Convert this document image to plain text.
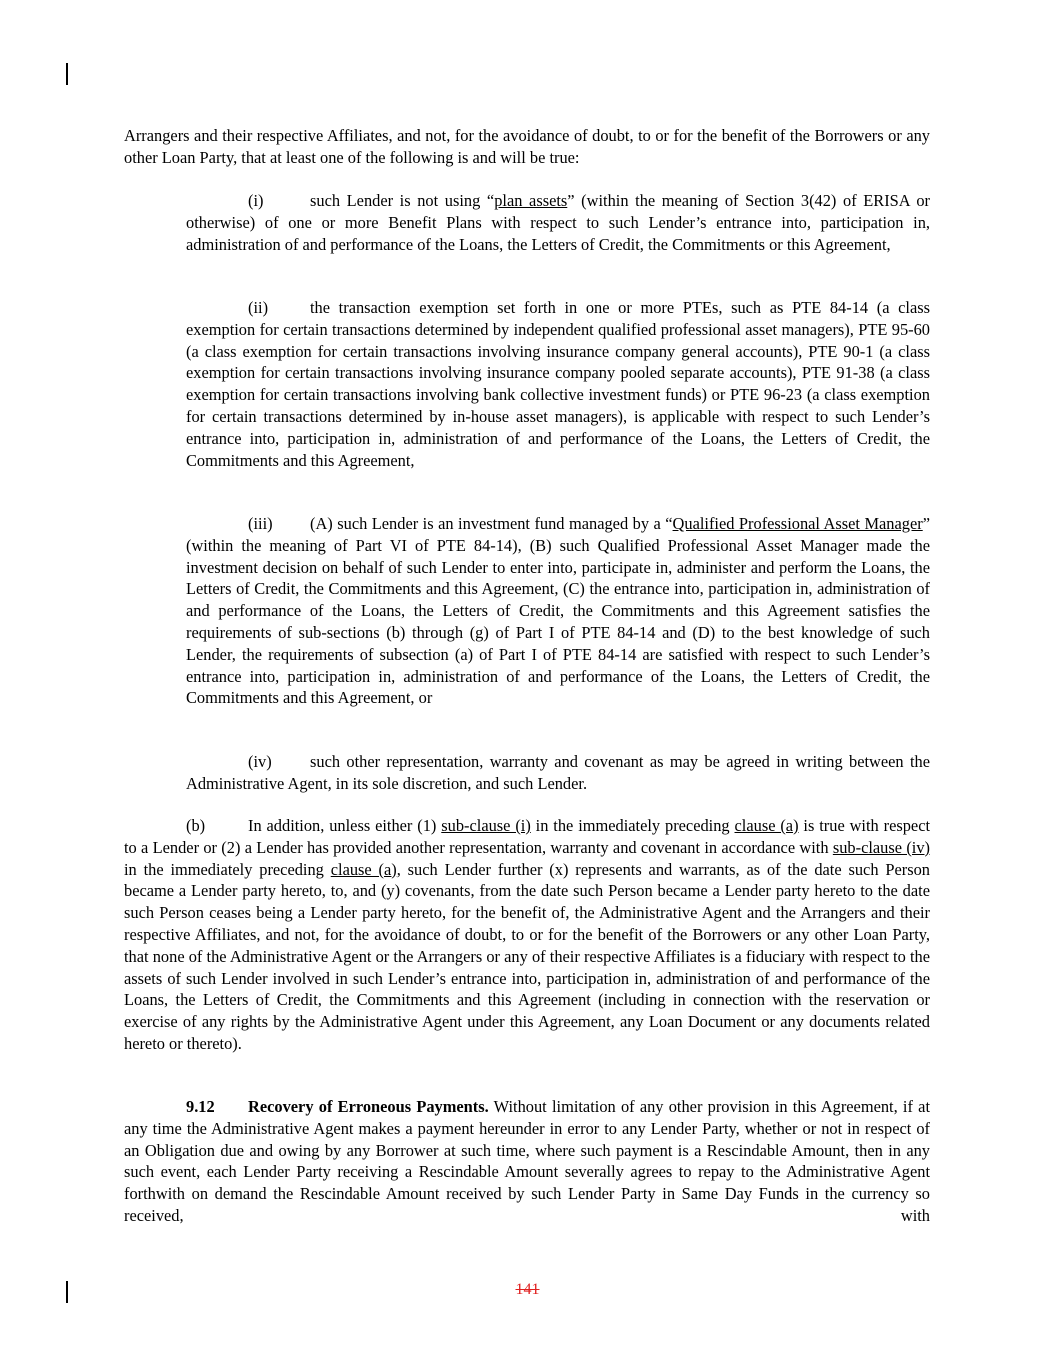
Arrangers and their respective Affiliates, and not, for the avoidance of doubt, to or for the benefit of the Borrowers or any other Loan Party, that at least one of the following is and will be true:

(i)	such Lender is not using “plan assets” (within the meaning of Section 3(42) of ERISA or otherwise) of one or more Benefit Plans with respect to such Lender’s entrance into, participation in, administration of and performance of the Loans, the Letters of Credit, the Commitments or this Agreement,

(ii)	the transaction exemption set forth in one or more PTEs, such as PTE 84-14 (a class exemption for certain transactions determined by independent qualified professional asset managers), PTE 95-60 (a class exemption for certain transactions involving insurance company general accounts), PTE 90-1 (a class exemption for certain transactions involving insurance company pooled separate accounts), PTE 91-38 (a class exemption for certain transactions involving bank collective investment funds) or PTE 96-23 (a class exemption for certain transactions determined by in-house asset managers), is applicable with respect to such Lender’s entrance into, participation in, administration of and performance of the Loans, the Letters of Credit, the Commitments and this Agreement,

(iii) (A) such Lender is an investment fund managed by a “Qualified Professional Asset Manager” (within the meaning of Part VI of PTE 84-14), (B) such Qualified Professional Asset Manager made the investment decision on behalf of such Lender to enter into, participate in, administer and perform the Loans, the Letters of Credit, the Commitments and this Agreement, (C) the entrance into, participation in, administration of and performance of the Loans, the Letters of Credit, the Commitments and this Agreement satisfies the requirements of sub-sections (b) through (g) of Part I of PTE 84-14 and (D) to the best knowledge of such Lender, the requirements of subsection (a) of Part I of PTE 84-14 are satisfied with respect to such Lender’s entrance into, participation in, administration of and performance of the Loans, the Letters of Credit, the Commitments and this Agreement, or

(iv) such other representation, warranty and covenant as may be agreed in writing between the Administrative Agent, in its sole discretion, and such Lender.

(b)	In addition, unless either (1) sub-clause (i) in the immediately preceding clause (a) is true with respect to a Lender or (2) a Lender has provided another representation, warranty and covenant in accordance with sub-clause (iv) in the immediately preceding clause (a), such Lender further (x) represents and warrants, as of the date such Person became a Lender party hereto, to, and (y) covenants, from the date such Person became a Lender party hereto to the date such Person ceases being a Lender party hereto, for the benefit of, the Administrative Agent and the Arrangers and their respective Affiliates, and not, for the avoidance of doubt, to or for the benefit of the Borrowers or any other Loan Party, that none of the Administrative Agent or the Arrangers or any of their respective Affiliates is a fiduciary with respect to the assets of such Lender involved in such Lender’s entrance into, participation in, administration of and performance of the Loans, the Letters of Credit, the Commitments and this Agreement (including in connection with the reservation or exercise of any rights by the Administrative Agent under this Agreement, any Loan Document or any documents related hereto or thereto).

9.12 Recovery of Erroneous Payments. Without limitation of any other provision in this Agreement, if at any time the Administrative Agent makes a payment hereunder in error to any Lender Party, whether or not in respect of an Obligation due and owing by any Borrower at such time, where such payment is a Rescindable Amount, then in any such event, each Lender Party receiving a Rescindable Amount severally agrees to repay to the Administrative Agent forthwith on demand the Rescindable Amount received by such Lender Party in Same Day Funds in the currency so received, with

141
